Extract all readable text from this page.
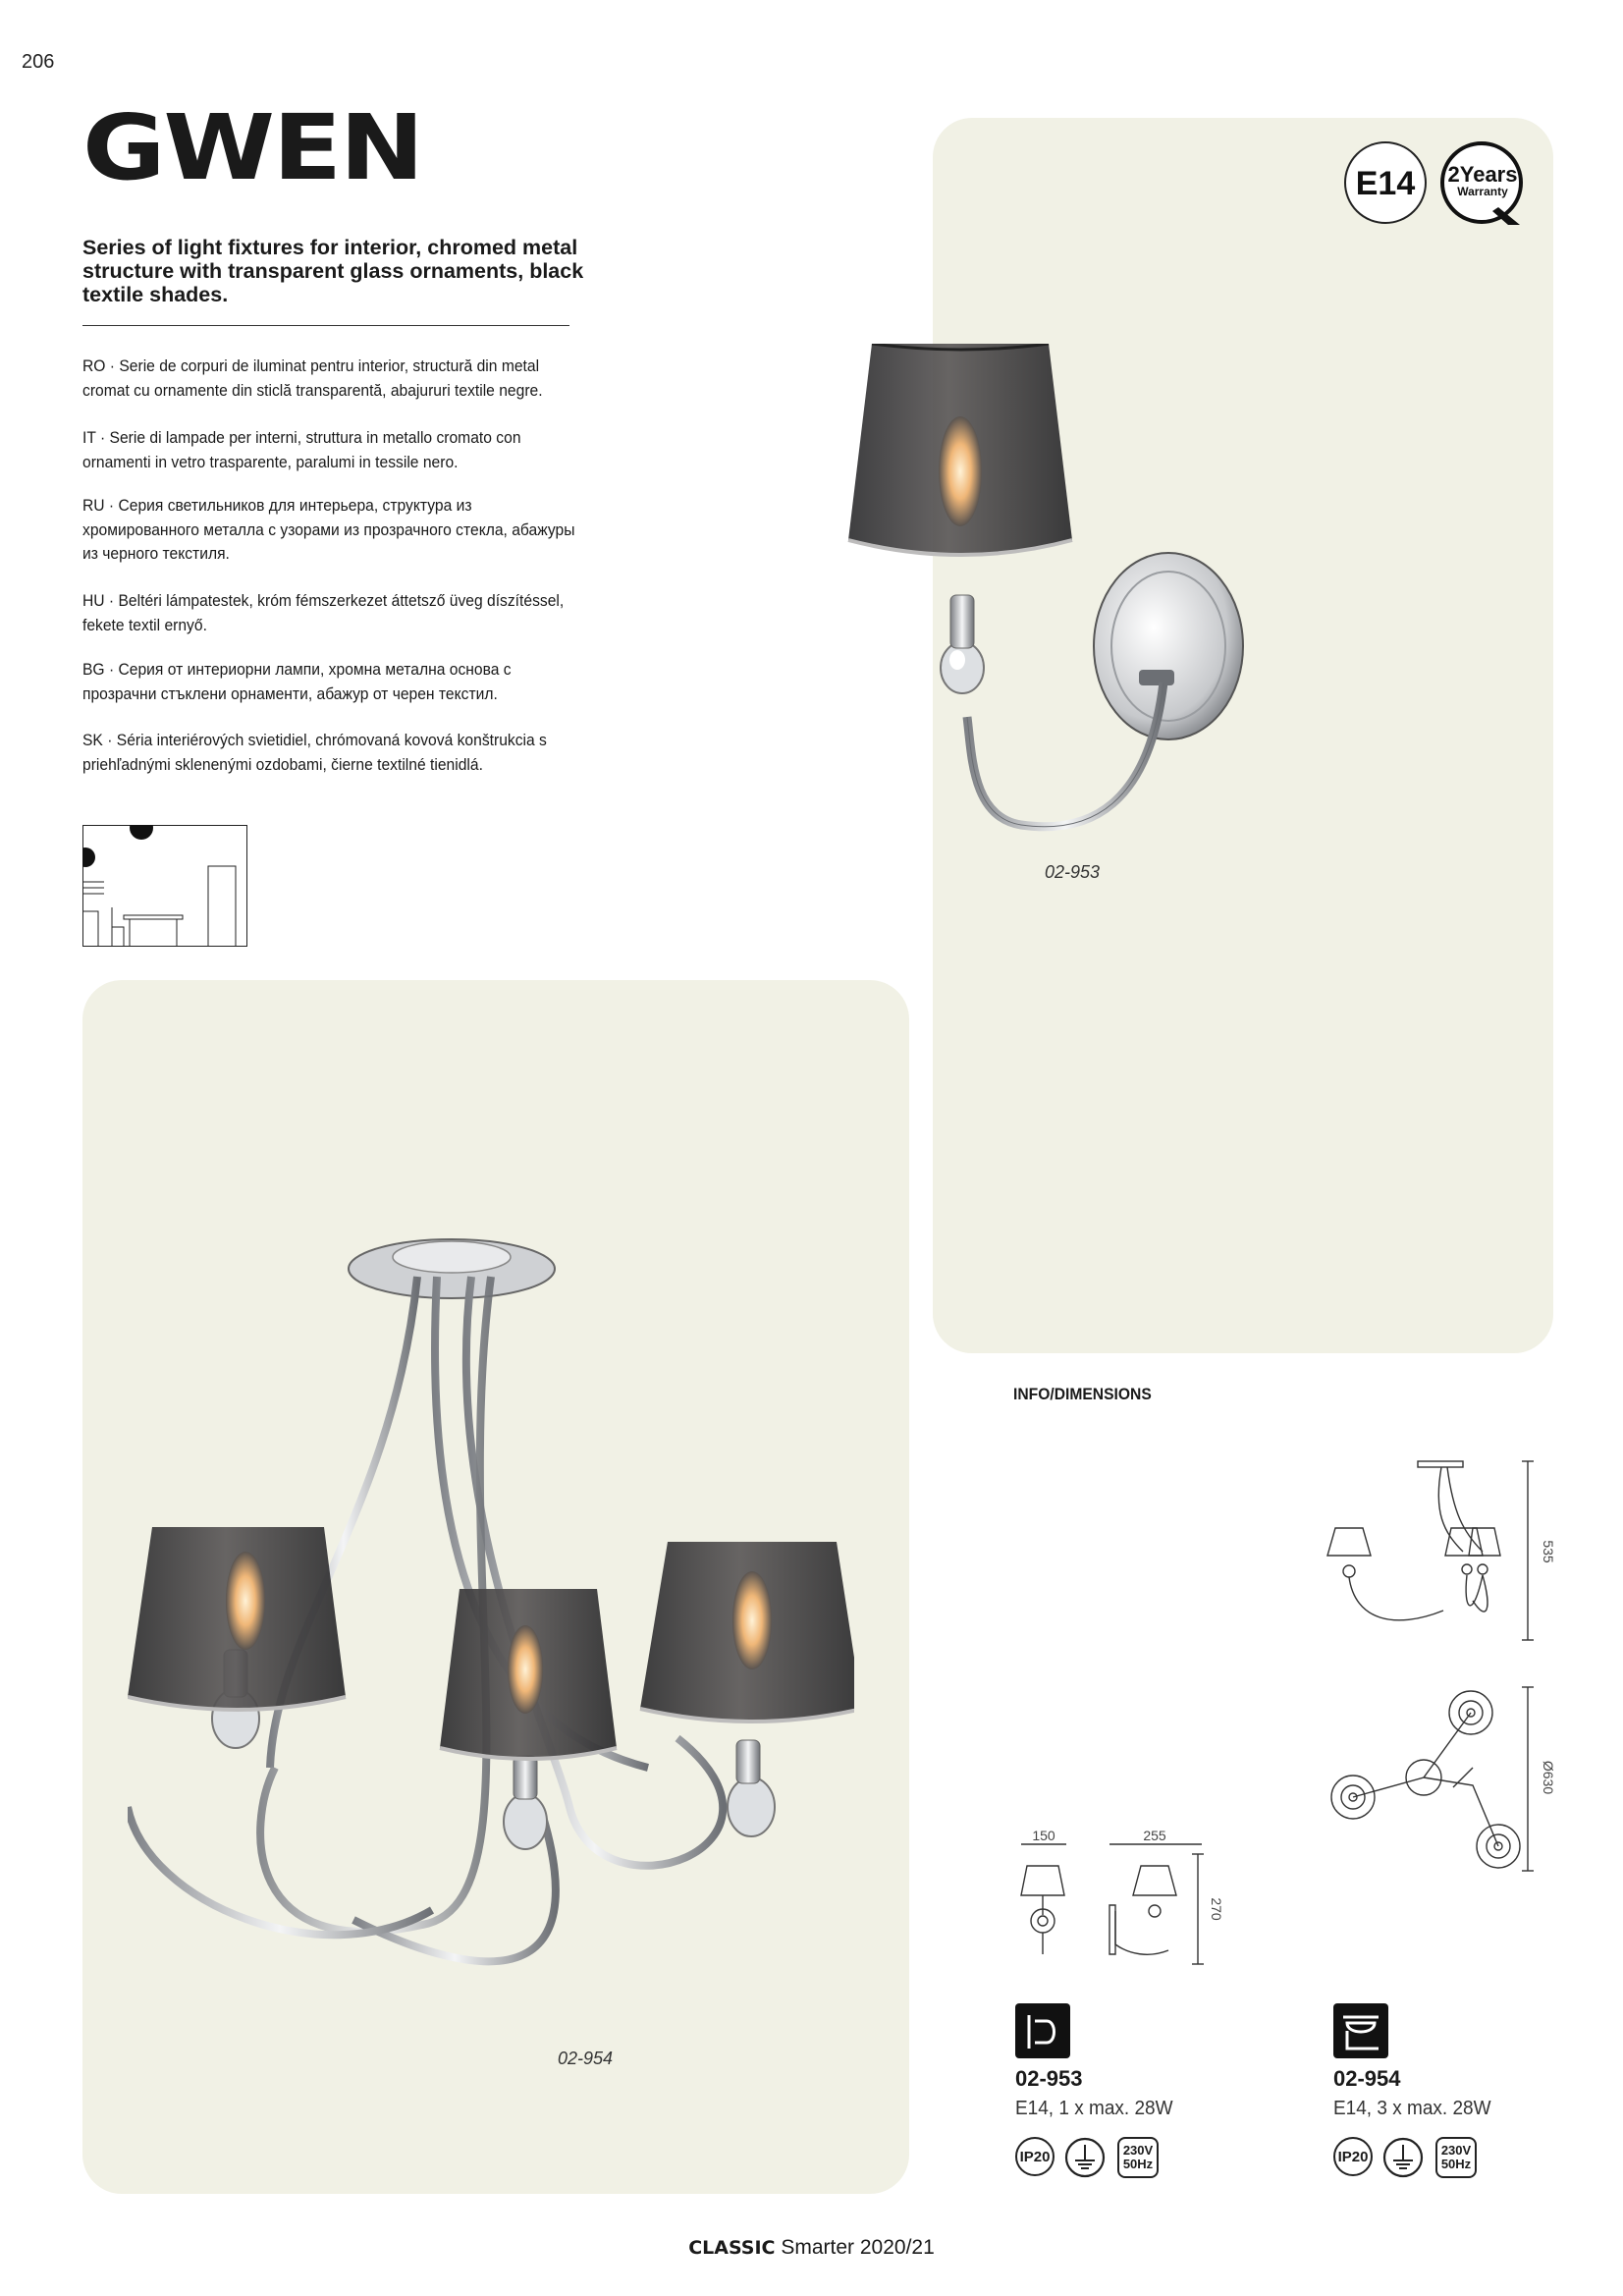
206
GWEN
Series of light fixtures for interior, chromed metal structure with transparent glass ornaments, black textile shades.
RO · Serie de corpuri de iluminat pentru interior, structură din metal cromat cu ornamente din sticlă transparentă, abajururi textile negre.
IT · Serie di lampade per interni, struttura in metallo cromato con ornamenti in vetro trasparente, paralumi in tessile nero.
RU · Серия светильников для интерьера, структура из хромированного металла с узорами из прозрачного стекла, абажуры из черного текстиля.
HU · Beltéri lámpatestek, króm fémszerkezet áttetsző üveg díszítéssel, fekete textil ernyő.
BG · Серия от интериорни лампи, хромна метална основа с прозрачни стъклени орнаменти, абажур от черен текстил.
SK · Séria interiérových svietidiel, chrómovaná kovová konštrukcia s priehľadnými sklenenými ozdobami, čierne textilné tienidlá.
E14 2Years
Warranty
02-953
02-954
INFO/DIMENSIONS
535
Ø630
150	255
270
02-953
E14, 1 x max. 28W
IP20	230V
50Hz
02-954
E14, 3 x max. 28W
IP20	230V
50Hz
CLASSIC Smarter 2020/21
